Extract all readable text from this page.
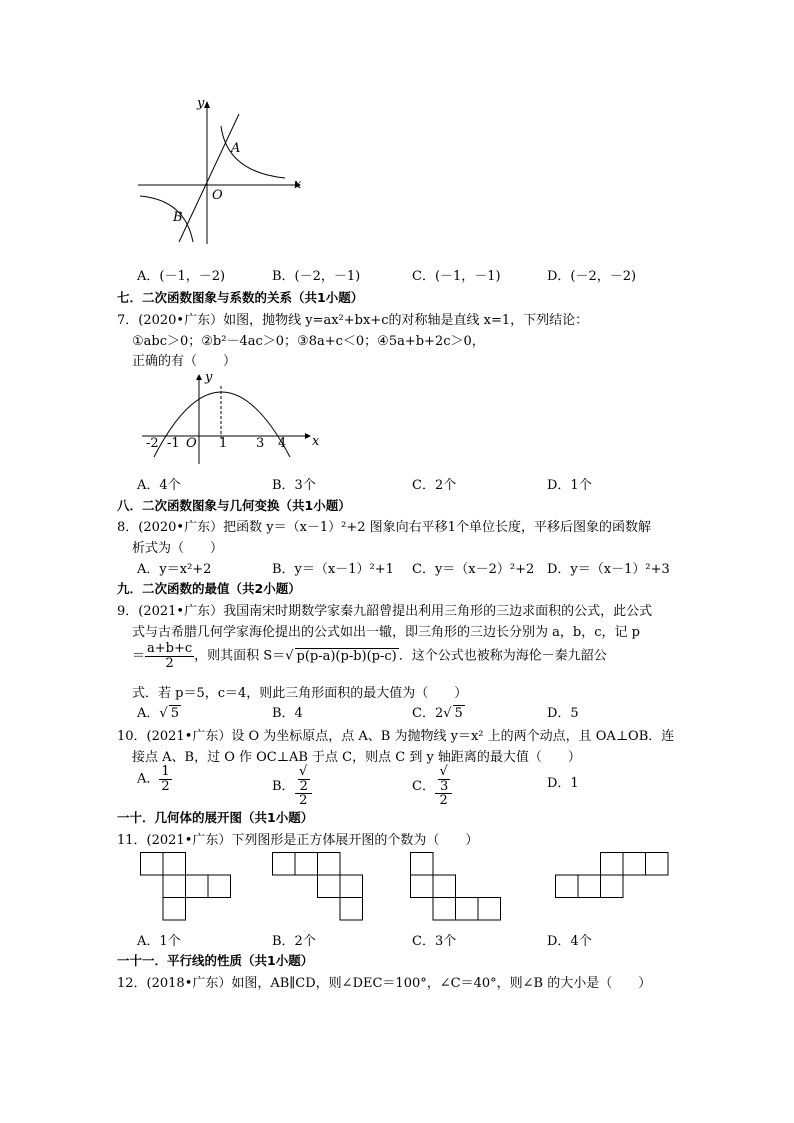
y
x
A
B
O
A．(－1，－2)	B．(－2，－1)	C．(－1，－1)	D．(－2，－2)
七．二次函数图象与系数的关系（共1小题）
7．(2020•广东）如图，抛物线 y=ax²+bx+c的对称轴是直线 x=1，下列结论：
①abc＞0；②b²－4ac＞0；③8a+c＜0；④5a+b+2c＞0，
正确的有（　　）
y
x
-2 -1 O 1 3 4
A．4个	B．3个	C．2个	D．1个
八．二次函数图象与几何变换（共1小题）
8．(2020•广东）把函数 y＝（x－1）²+2 图象向右平移1个单位长度，平移后图象的函数解
析式为（　　）
A．y＝x²+2	B．y＝（x－1）²+1 C．y＝（x－2）²+2 D．y＝（x－1）²+3
九．二次函数的最值（共2小题）
9．(2021•广东）我国南宋时期数学家秦九韶曾提出利用三角形的三边求面积的公式，此公式
式与古希腊几何学家海伦提出的公式如出一辙，即三角形的三边长分别为 a，b，c，记 p
＝ $\frac{a+b+c}{2}$ ，则其面积 S＝√ p(p-a)(p-b)(p-c) ．这个公式也被称为海伦－秦九韶公
式．若 p＝5，c＝4，则此三角形面积的最大值为（　　）
A．√ 5	B．4	C．2√ 5	D．5
10．(2021•广东）设 O 为坐标原点，点 A、B 为抛物线 y＝x² 上的两个动点，且 OA⊥OB．连
接点 A、B，过 O 作 OC⊥AB 于点 C，则点 C 到 y 轴距离的最大值（　　）
A． $\frac{1}{2}$	B． √
2
2	C． √
3
2	D．1
一十．几何体的展开图（共1小题）
11．(2021•广东）下列图形是正方体展开图的个数为（　　）
A．1个	B．2个	C．3个	D．4个
一十一．平行线的性质（共1小题）
12．(2018•广东）如图，AB∥CD，则∠DEC＝100°，∠C＝40°，则∠B 的大小是（　　）
